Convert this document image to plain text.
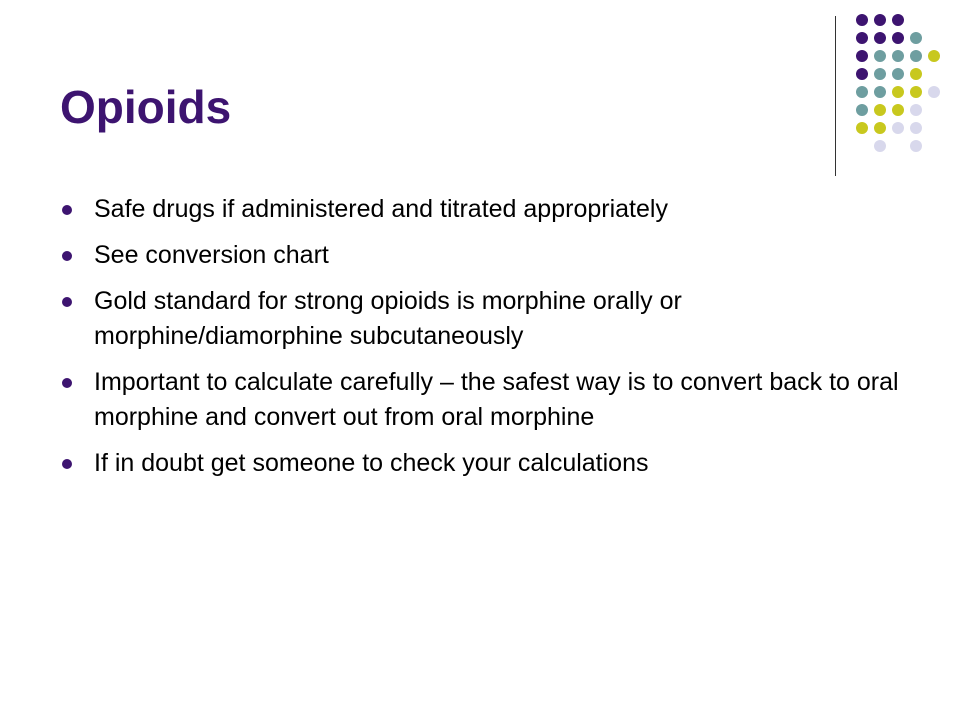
Opioids
Safe drugs if administered and titrated appropriately
See conversion chart
Gold standard for strong opioids is morphine orally or morphine/diamorphine subcutaneously
Important to calculate carefully – the safest way is to convert back to oral morphine and convert out from oral morphine
If in doubt get someone to check your calculations
